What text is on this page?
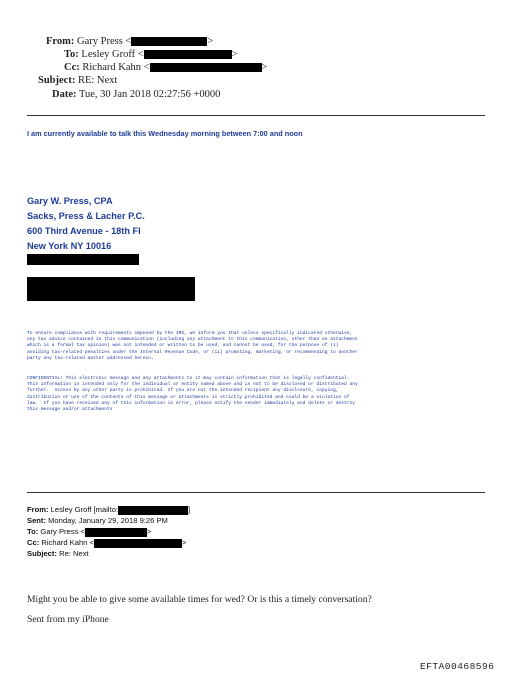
From: Gary Press <	>
To: Lesley Groff <	>
Cc: Richard Kahn <	>
Subject: RE: Next
Date: Tue, 30 Jan 2018 02:27:56 +0000
I am currently available to talk this Wednesday morning between 7:00 and noon
Gary W. Press, CPA
Sacks, Press & Lacher P.C.
600 Third Avenue - 18th Fl
New York NY 10016

To ensure compliance with requirements imposed by the IRS, we inform you that unless specifically indicated otherwise,

any tax advice contained in this communication (including any attachment to this communication, other than an attachment

which is a formal tax opinion) was not intended or written to be used, and cannot be used, for the purpose of (i)

avoiding tax-related penalties under the Internal Revenue Code, or (ii) promoting, marketing, or recommending to another

party any tax-related matter addressed herein.

CONFIDENTIAL! This electronic message and any attachments to it may contain information that is legally confidential.

This information is intended only for the individual or entity named above and is not to be disclosed or distributed any

further.  Access by any other party is prohibited. If you are not the intended recipient any disclosure, copying,

distribution or use of the contents of this message or attachments is strictly prohibited and could be a violation of

law.  If you have received any of this information in error, please notify the sender immediately and delete or destroy

this message and/or attachments

From: Lesley Groff [mailto:	]
Sent: Monday, January 29, 2018 9:26 PM
To: Gary Press <	>
Cc: Richard Kahn <	>
Subject: Re: Next
Might you be able to give some available times for wed? Or is this a timely conversation?
Sent from my iPhone
EFTA00468596
